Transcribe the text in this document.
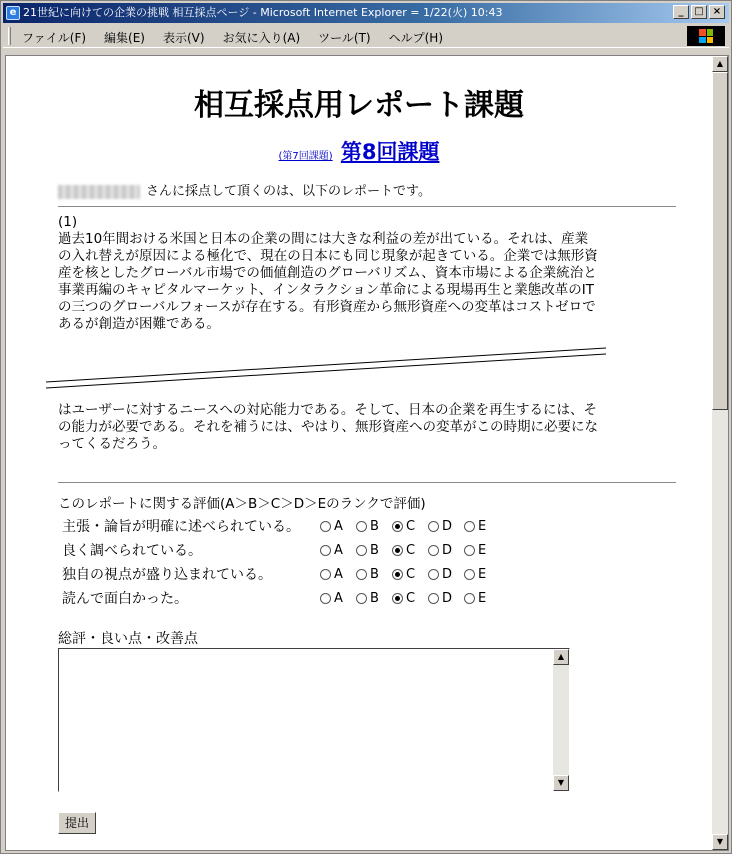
e 21世紀に向けての企業の挑戦 相互採点ページ - Microsoft Internet Explorer = 1/22(火) 10:43	_	□ ×
ファイル(F) 編集(E) 表示(V) お気に入り(A) ツール(T) ヘルプ(H)
相互採点用レポート課題
(第7回課題) 第8回課題
さんに採点して頂くのは、以下のレポートです。
(1)
過去10年間おける米国と日本の企業の間には大きな利益の差が出ている。それは、産業の入れ替えが原因による極化で、現在の日本にも同じ現象が起きている。企業では無形資産を核としたグローバル市場での価値創造のグローバリズム、資本市場による企業統治と事業再編のキャピタルマーケット、インタラクション革命による現場再生と業態改革のITの三つのグローバルフォースが存在する。有形資産から無形資産への変革はコストゼロであるが創造が困難である。
はユーザーに対するニースへの対応能力である。そして、日本の企業を再生するには、その能力が必要である。それを補うには、やはり、無形資産への変革がこの時期に必要になってくるだろう。
このレポートに関する評価(A＞B＞C＞D＞Eのランクで評価)
主張・論旨が明確に述べられている。	A B C D E
良く調べられている。	A B C D E
独自の視点が盛り込まれている。	A B C D E
読んで面白かった。	A B C D E
総評・良い点・改善点
▲
▼
提出
▲
▼
